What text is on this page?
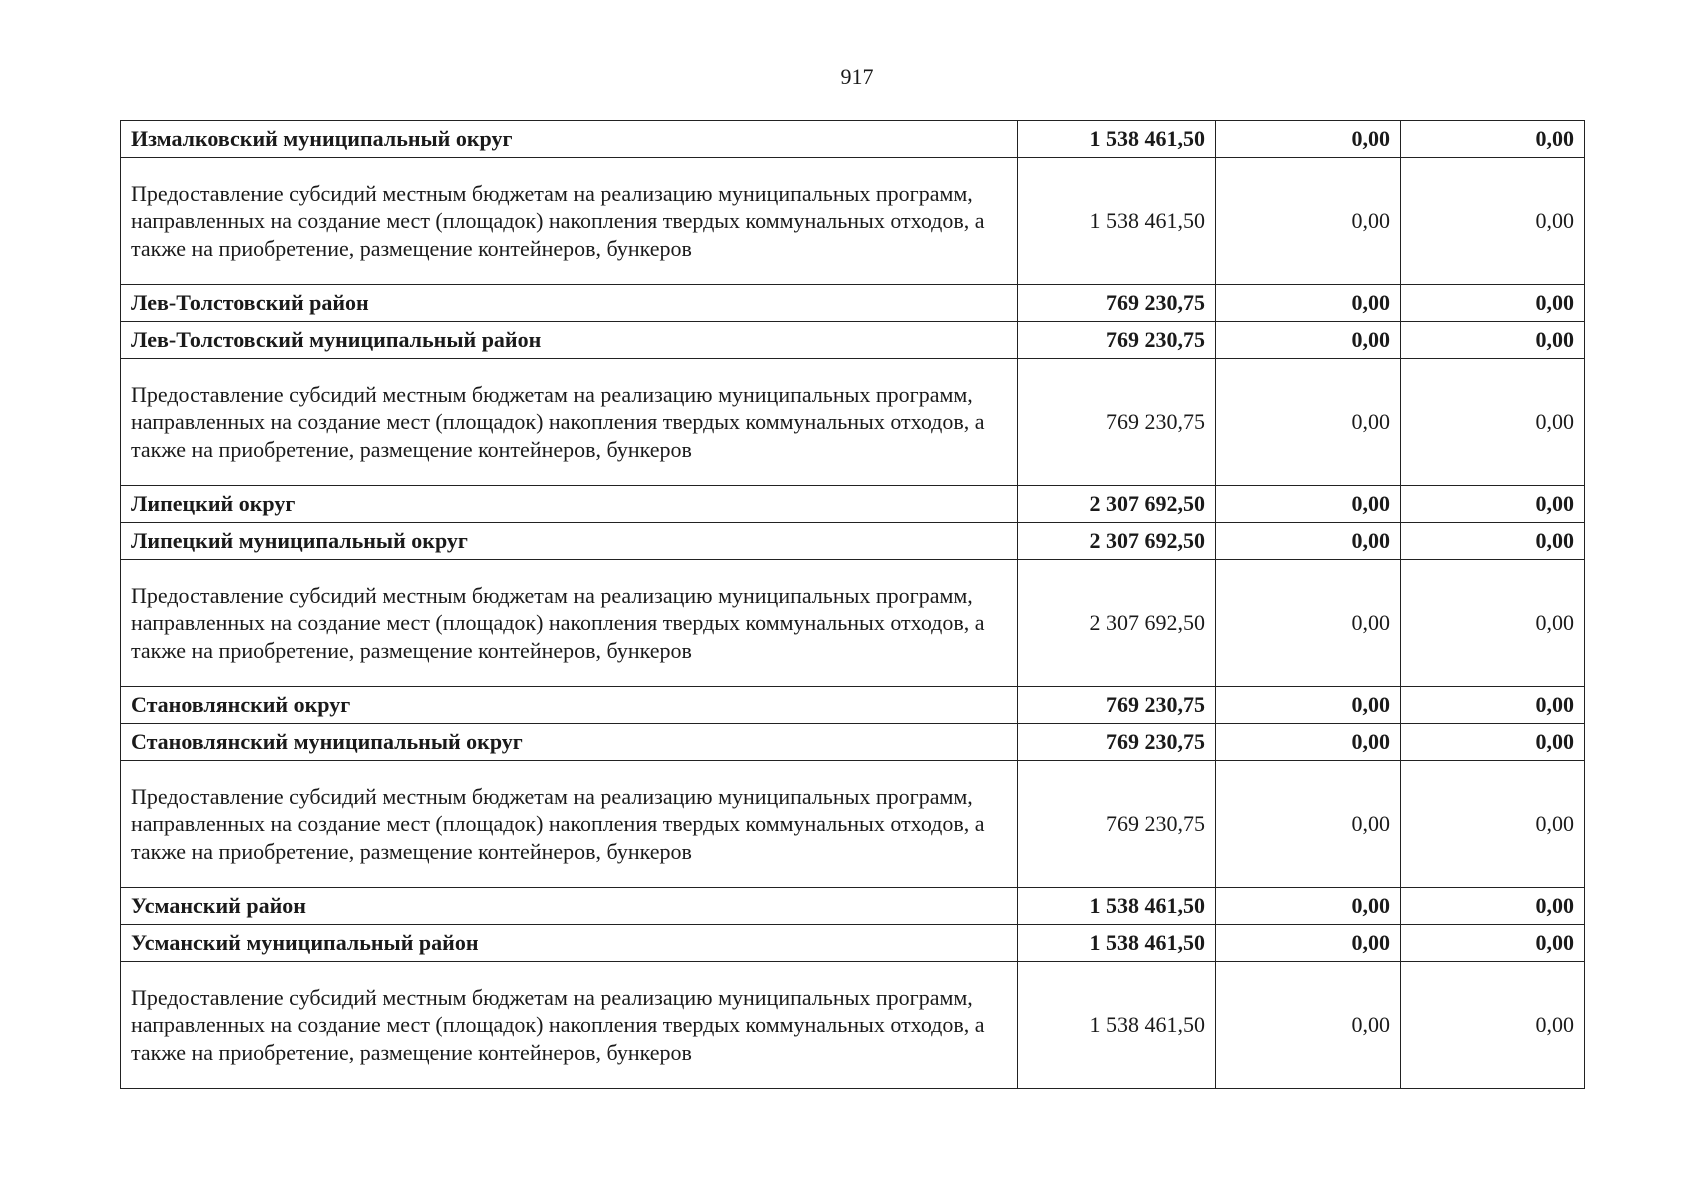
917
Измалковский муниципальный округ	1 538 461,50	0,00	0,00
Предоставление субсидий местным бюджетам на реализацию муниципальных программ, направленных на создание мест (площадок) накопления твердых коммунальных отходов, а также на приобретение, размещение контейнеров, бункеров	1 538 461,50	0,00	0,00
Лев-Толстовский район	769 230,75	0,00	0,00
Лев-Толстовский муниципальный район	769 230,75	0,00	0,00
Предоставление субсидий местным бюджетам на реализацию муниципальных программ, направленных на создание мест (площадок) накопления твердых коммунальных отходов, а также на приобретение, размещение контейнеров, бункеров	769 230,75	0,00	0,00
Липецкий округ	2 307 692,50	0,00	0,00
Липецкий муниципальный округ	2 307 692,50	0,00	0,00
Предоставление субсидий местным бюджетам на реализацию муниципальных программ, направленных на создание мест (площадок) накопления твердых коммунальных отходов, а также на приобретение, размещение контейнеров, бункеров	2 307 692,50	0,00	0,00
Становлянский округ	769 230,75	0,00	0,00
Становлянский муниципальный округ	769 230,75	0,00	0,00
Предоставление субсидий местным бюджетам на реализацию муниципальных программ, направленных на создание мест (площадок) накопления твердых коммунальных отходов, а также на приобретение, размещение контейнеров, бункеров	769 230,75	0,00	0,00
Усманский район	1 538 461,50	0,00	0,00
Усманский муниципальный район	1 538 461,50	0,00	0,00
Предоставление субсидий местным бюджетам на реализацию муниципальных программ, направленных на создание мест (площадок) накопления твердых коммунальных отходов, а также на приобретение, размещение контейнеров, бункеров	1 538 461,50	0,00	0,00
